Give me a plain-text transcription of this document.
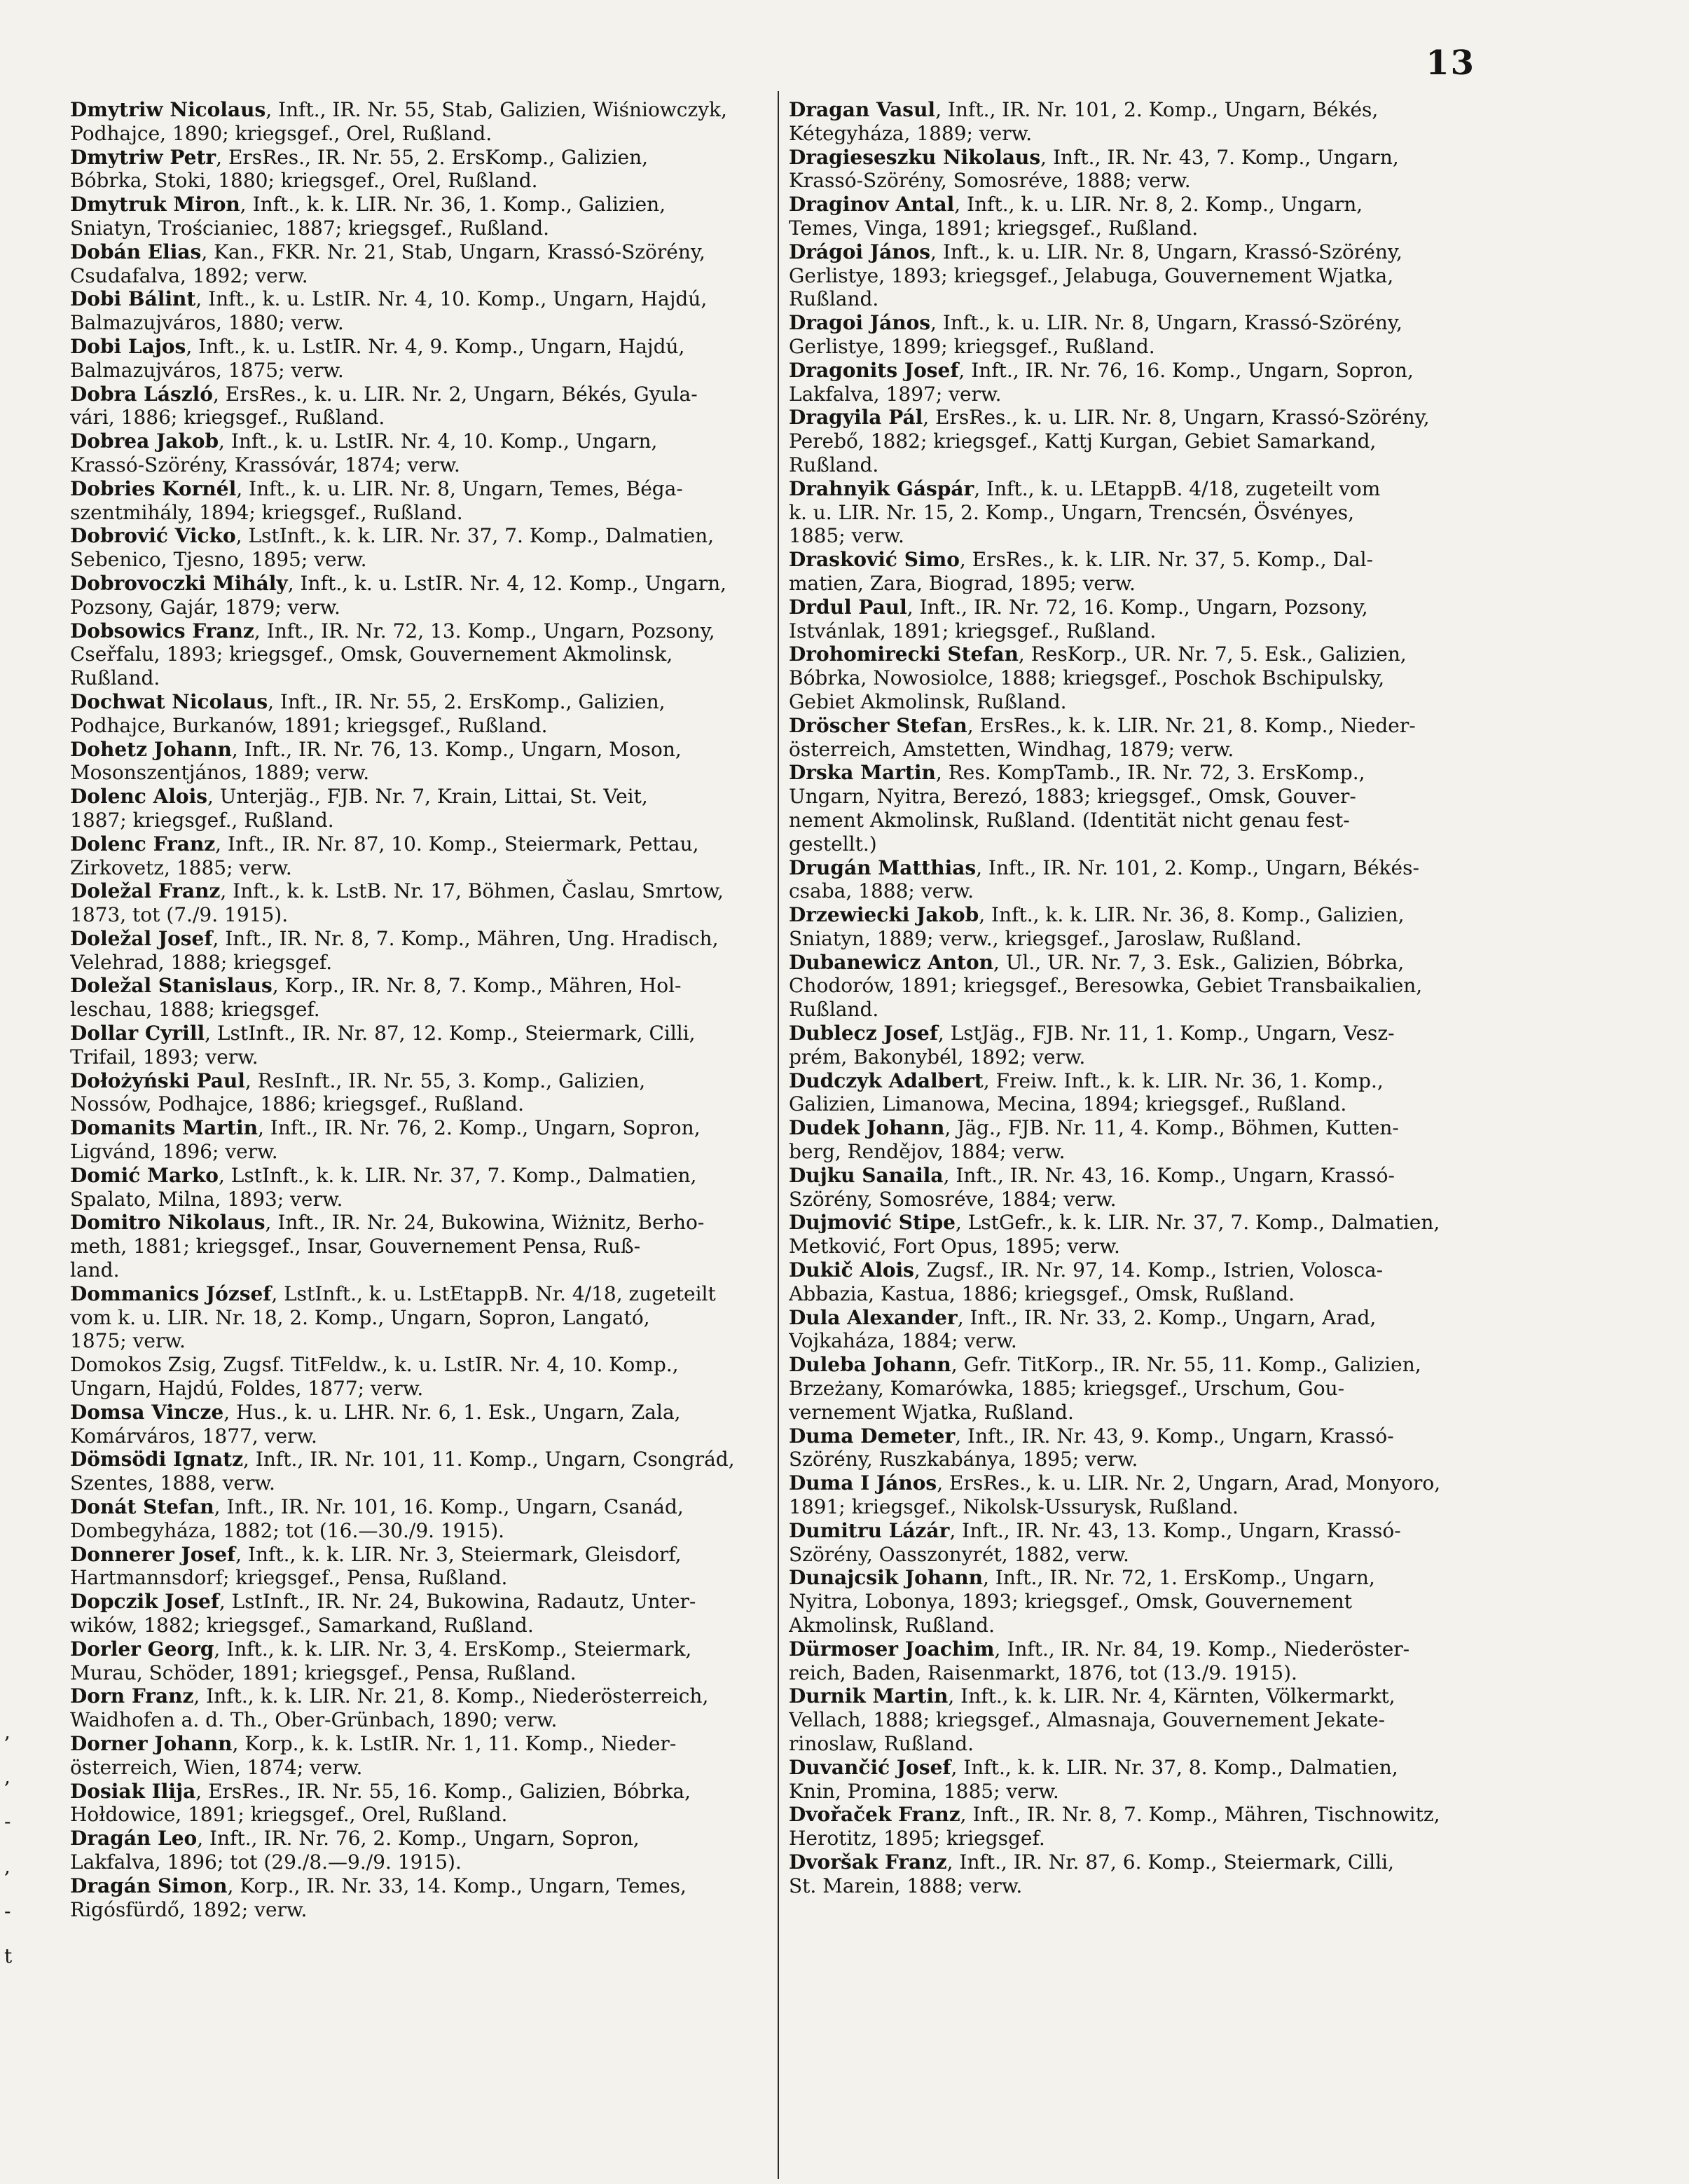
13
,
,
-
,
-
t
Dmytriw Nicolaus, Inft., IR. Nr. 55, Stab, Galizien, Wiśniowczyk,
Podhajce, 1890; kriegsgef., Orel, Rußland.
Dmytriw Petr, ErsRes., IR. Nr. 55, 2. ErsKomp., Galizien,
Bóbrka, Stoki, 1880; kriegsgef., Orel, Rußland.
Dmytruk Miron, Inft., k. k. LIR. Nr. 36, 1. Komp., Galizien,
Sniatyn, Trościaniec, 1887; kriegsgef., Rußland.
Dobán Elias, Kan., FKR. Nr. 21, Stab, Ungarn, Krassó-Szörény,
Csudafalva, 1892; verw.
Dobi Bálint, Inft., k. u. LstIR. Nr. 4, 10. Komp., Ungarn, Hajdú,
Balmazujváros, 1880; verw.
Dobi Lajos, Inft., k. u. LstIR. Nr. 4, 9. Komp., Ungarn, Hajdú,
Balmazujváros, 1875; verw.
Dobra László, ErsRes., k. u. LIR. Nr. 2, Ungarn, Békés, Gyula-
vári, 1886; kriegsgef., Rußland.
Dobrea Jakob, Inft., k. u. LstIR. Nr. 4, 10. Komp., Ungarn,
Krassó-Szörény, Krassóvár, 1874; verw.
Dobries Kornél, Inft., k. u. LIR. Nr. 8, Ungarn, Temes, Béga-
szentmihály, 1894; kriegsgef., Rußland.
Dobrović Vicko, LstInft., k. k. LIR. Nr. 37, 7. Komp., Dalmatien,
Sebenico, Tjesno, 1895; verw.
Dobrovoczki Mihály, Inft., k. u. LstIR. Nr. 4, 12. Komp., Ungarn,
Pozsony, Gajár, 1879; verw.
Dobsowics Franz, Inft., IR. Nr. 72, 13. Komp., Ungarn, Pozsony,
Cseřfalu, 1893; kriegsgef., Omsk, Gouvernement Akmolinsk,
Rußland.
Dochwat Nicolaus, Inft., IR. Nr. 55, 2. ErsKomp., Galizien,
Podhajce, Burkanów, 1891; kriegsgef., Rußland.
Dohetz Johann, Inft., IR. Nr. 76, 13. Komp., Ungarn, Moson,
Mosonszentjános, 1889; verw.
Dolenc Alois, Unterjäg., FJB. Nr. 7, Krain, Littai, St. Veit,
1887; kriegsgef., Rußland.
Dolenc Franz, Inft., IR. Nr. 87, 10. Komp., Steiermark, Pettau,
Zirkovetz, 1885; verw.
Doležal Franz, Inft., k. k. LstB. Nr. 17, Böhmen, Časlau, Smrtow,
1873, tot (7./9. 1915).
Doležal Josef, Inft., IR. Nr. 8, 7. Komp., Mähren, Ung. Hradisch,
Velehrad, 1888; kriegsgef.
Doležal Stanislaus, Korp., IR. Nr. 8, 7. Komp., Mähren, Hol-
leschau, 1888; kriegsgef.
Dollar Cyrill, LstInft., IR. Nr. 87, 12. Komp., Steiermark, Cilli,
Trifail, 1893; verw.
Dołożyński Paul, ResInft., IR. Nr. 55, 3. Komp., Galizien,
Nossów, Podhajce, 1886; kriegsgef., Rußland.
Domanits Martin, Inft., IR. Nr. 76, 2. Komp., Ungarn, Sopron,
Ligvánd, 1896; verw.
Domić Marko, LstInft., k. k. LIR. Nr. 37, 7. Komp., Dalmatien,
Spalato, Milna, 1893; verw.
Domitro Nikolaus, Inft., IR. Nr. 24, Bukowina, Wiżnitz, Berho-
meth, 1881; kriegsgef., Insar, Gouvernement Pensa, Ruß-
land.
Dommanics József, LstInft., k. u. LstEtappB. Nr. 4/18, zugeteilt
vom k. u. LIR. Nr. 18, 2. Komp., Ungarn, Sopron, Langató,
1875; verw.
Domokos Zsig, Zugsf. TitFeldw., k. u. LstIR. Nr. 4, 10. Komp.,
Ungarn, Hajdú, Foldes, 1877; verw.
Domsa Vincze, Hus., k. u. LHR. Nr. 6, 1. Esk., Ungarn, Zala,
Komárváros, 1877, verw.
Dömsödi Ignatz, Inft., IR. Nr. 101, 11. Komp., Ungarn, Csongrád,
Szentes, 1888, verw.
Donát Stefan, Inft., IR. Nr. 101, 16. Komp., Ungarn, Csanád,
Dombegyháza, 1882; tot (16.—30./9. 1915).
Donnerer Josef, Inft., k. k. LIR. Nr. 3, Steiermark, Gleisdorf,
Hartmannsdorf; kriegsgef., Pensa, Rußland.
Dopczik Josef, LstInft., IR. Nr. 24, Bukowina, Radautz, Unter-
wików, 1882; kriegsgef., Samarkand, Rußland.
Dorler Georg, Inft., k. k. LIR. Nr. 3, 4. ErsKomp., Steiermark,
Murau, Schöder, 1891; kriegsgef., Pensa, Rußland.
Dorn Franz, Inft., k. k. LIR. Nr. 21, 8. Komp., Niederösterreich,
Waidhofen a. d. Th., Ober-Grünbach, 1890; verw.
Dorner Johann, Korp., k. k. LstIR. Nr. 1, 11. Komp., Nieder-
österreich, Wien, 1874; verw.
Dosiak Ilija, ErsRes., IR. Nr. 55, 16. Komp., Galizien, Bóbrka,
Hołdowice, 1891; kriegsgef., Orel, Rußland.
Dragán Leo, Inft., IR. Nr. 76, 2. Komp., Ungarn, Sopron,
Lakfalva, 1896; tot (29./8.—9./9. 1915).
Dragán Simon, Korp., IR. Nr. 33, 14. Komp., Ungarn, Temes,
Rigósfürdő, 1892; verw.
Dragan Vasul, Inft., IR. Nr. 101, 2. Komp., Ungarn, Békés,
Kétegyháza, 1889; verw.
Dragieseszku Nikolaus, Inft., IR. Nr. 43, 7. Komp., Ungarn,
Krassó-Szörény, Somosréve, 1888; verw.
Draginov Antal, Inft., k. u. LIR. Nr. 8, 2. Komp., Ungarn,
Temes, Vinga, 1891; kriegsgef., Rußland.
Drágoi János, Inft., k. u. LIR. Nr. 8, Ungarn, Krassó-Szörény,
Gerlistye, 1893; kriegsgef., Jelabuga, Gouvernement Wjatka,
Rußland.
Dragoi János, Inft., k. u. LIR. Nr. 8, Ungarn, Krassó-Szörény,
Gerlistye, 1899; kriegsgef., Rußland.
Dragonits Josef, Inft., IR. Nr. 76, 16. Komp., Ungarn, Sopron,
Lakfalva, 1897; verw.
Dragyila Pál, ErsRes., k. u. LIR. Nr. 8, Ungarn, Krassó-Szörény,
Perebő, 1882; kriegsgef., Kattj Kurgan, Gebiet Samarkand,
Rußland.
Drahnyik Gáspár, Inft., k. u. LEtappB. 4/18, zugeteilt vom
k. u. LIR. Nr. 15, 2. Komp., Ungarn, Trencsén, Ösvényes,
1885; verw.
Drasković Simo, ErsRes., k. k. LIR. Nr. 37, 5. Komp., Dal-
matien, Zara, Biograd, 1895; verw.
Drdul Paul, Inft., IR. Nr. 72, 16. Komp., Ungarn, Pozsony,
Istvánlak, 1891; kriegsgef., Rußland.
Drohomirecki Stefan, ResKorp., UR. Nr. 7, 5. Esk., Galizien,
Bóbrka, Nowosiolce, 1888; kriegsgef., Poschok Bschipulsky,
Gebiet Akmolinsk, Rußland.
Dröscher Stefan, ErsRes., k. k. LIR. Nr. 21, 8. Komp., Nieder-
österreich, Amstetten, Windhag, 1879; verw.
Drska Martin, Res. KompTamb., IR. Nr. 72, 3. ErsKomp.,
Ungarn, Nyitra, Berezó, 1883; kriegsgef., Omsk, Gouver-
nement Akmolinsk, Rußland. (Identität nicht genau fest-
gestellt.)
Drugán Matthias, Inft., IR. Nr. 101, 2. Komp., Ungarn, Békés-
csaba, 1888; verw.
Drzewiecki Jakob, Inft., k. k. LIR. Nr. 36, 8. Komp., Galizien,
Sniatyn, 1889; verw., kriegsgef., Jaroslaw, Rußland.
Dubanewicz Anton, Ul., UR. Nr. 7, 3. Esk., Galizien, Bóbrka,
Chodorów, 1891; kriegsgef., Beresowka, Gebiet Transbaikalien,
Rußland.
Dublecz Josef, LstJäg., FJB. Nr. 11, 1. Komp., Ungarn, Vesz-
prém, Bakonybél, 1892; verw.
Dudczyk Adalbert, Freiw. Inft., k. k. LIR. Nr. 36, 1. Komp.,
Galizien, Limanowa, Mecina, 1894; kriegsgef., Rußland.
Dudek Johann, Jäg., FJB. Nr. 11, 4. Komp., Böhmen, Kutten-
berg, Rendějov, 1884; verw.
Dujku Sanaila, Inft., IR. Nr. 43, 16. Komp., Ungarn, Krassó-
Szörény, Somosréve, 1884; verw.
Dujmović Stipe, LstGefr., k. k. LIR. Nr. 37, 7. Komp., Dalmatien,
Metković, Fort Opus, 1895; verw.
Dukič Alois, Zugsf., IR. Nr. 97, 14. Komp., Istrien, Volosca-
Abbazia, Kastua, 1886; kriegsgef., Omsk, Rußland.
Dula Alexander, Inft., IR. Nr. 33, 2. Komp., Ungarn, Arad,
Vojkaháza, 1884; verw.
Duleba Johann, Gefr. TitKorp., IR. Nr. 55, 11. Komp., Galizien,
Brzeżany, Komarówka, 1885; kriegsgef., Urschum, Gou-
vernement Wjatka, Rußland.
Duma Demeter, Inft., IR. Nr. 43, 9. Komp., Ungarn, Krassó-
Szörény, Ruszkabánya, 1895; verw.
Duma I János, ErsRes., k. u. LIR. Nr. 2, Ungarn, Arad, Monyoro,
1891; kriegsgef., Nikolsk-Ussurysk, Rußland.
Dumitru Lázár, Inft., IR. Nr. 43, 13. Komp., Ungarn, Krassó-
Szörény, Oasszonyrét, 1882, verw.
Dunajcsik Johann, Inft., IR. Nr. 72, 1. ErsKomp., Ungarn,
Nyitra, Lobonya, 1893; kriegsgef., Omsk, Gouvernement
Akmolinsk, Rußland.
Dürmoser Joachim, Inft., IR. Nr. 84, 19. Komp., Niederöster-
reich, Baden, Raisenmarkt, 1876, tot (13./9. 1915).
Durnik Martin, Inft., k. k. LIR. Nr. 4, Kärnten, Völkermarkt,
Vellach, 1888; kriegsgef., Almasnaja, Gouvernement Jekate-
rinoslaw, Rußland.
Duvančić Josef, Inft., k. k. LIR. Nr. 37, 8. Komp., Dalmatien,
Knin, Promina, 1885; verw.
Dvořaček Franz, Inft., IR. Nr. 8, 7. Komp., Mähren, Tischnowitz,
Herotitz, 1895; kriegsgef.
Dvoršak Franz, Inft., IR. Nr. 87, 6. Komp., Steiermark, Cilli,
St. Marein, 1888; verw.
